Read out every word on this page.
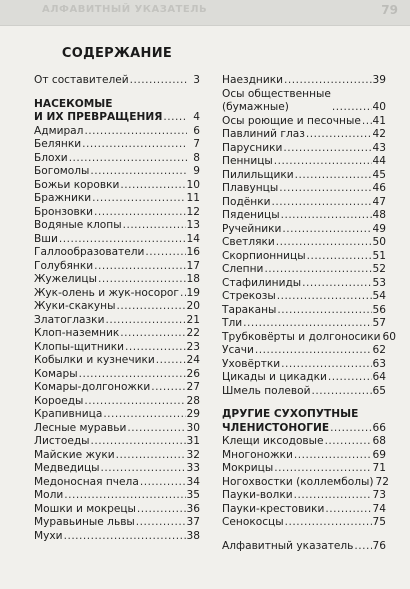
АЛФАВИТНЫЙ УКАЗАТЕЛЬ	79
СОДЕРЖАНИЕ
От составителей .....	3
НАСЕКОМЫЕ
И ИХ ПРЕВРАЩЕНИЯ .....	4
Адмирал .....	6
Белянки .....	7
Блохи .....	8
Богомолы .....	9
Божьи коровки .....	10
Бражники .....	11
Бронзовки .....	12
Водяные клопы .....	13
Вши .....	14
Галлообразователи .....	16
Голубянки .....	17
Жужелицы .....	18
Жук-олень и жук-носорог ..... 19
Жуки-скакуны .....	20
Златоглазки .....	21
Клоп-наземник .....	22
Клопы-щитники .....	23
Кобылки и кузнечики .....	24
Комары .....	26
Комары-долгоножки .....	27
Короеды .....	28
Крапивница .....	29
Лесные муравьи .....	30
Листоеды .....	31
Майские жуки .....	32
Медведицы .....	33
Медоносная пчела .....	34
Моли .....	35
Мошки и мокрецы .....	36
Муравьиные львы .....	37
Мухи .....	38
Наездники .....	39
Осы общественные
(бумажные) .....	40
Осы роющие и песочные ..... 41
Павлиний глаз .....	42
Парусники .....	43
Пенницы .....	44
Пилильщики .....	45
Плавунцы .....	46
Подёнки .....	47
Пяденицы .....	48
Ручейники .....	49
Светляки .....	50
Скорпионницы .....	51
Слепни .....	52
Стафилиниды .....	53
Стрекозы .....	54
Тараканы .....	56
Тли .....	57
Трубковёрты и долгоносики 60
Усачи .....	62
Уховёртки .....	63
Цикады и цикадки .....	64
Шмель полевой .....	65
ДРУГИЕ СУХОПУТНЫЕ
ЧЛЕНИСТОНОГИЕ .....	66
Клещи иксодовые .....	68
Многоножки .....	69
Мокрицы .....	71
Ногохвостки (коллемболы) 72
Пауки-волки .....	73
Пауки-крестовики .....	74
Сенокосцы .....	75
Алфавитный указатель ..... 76
